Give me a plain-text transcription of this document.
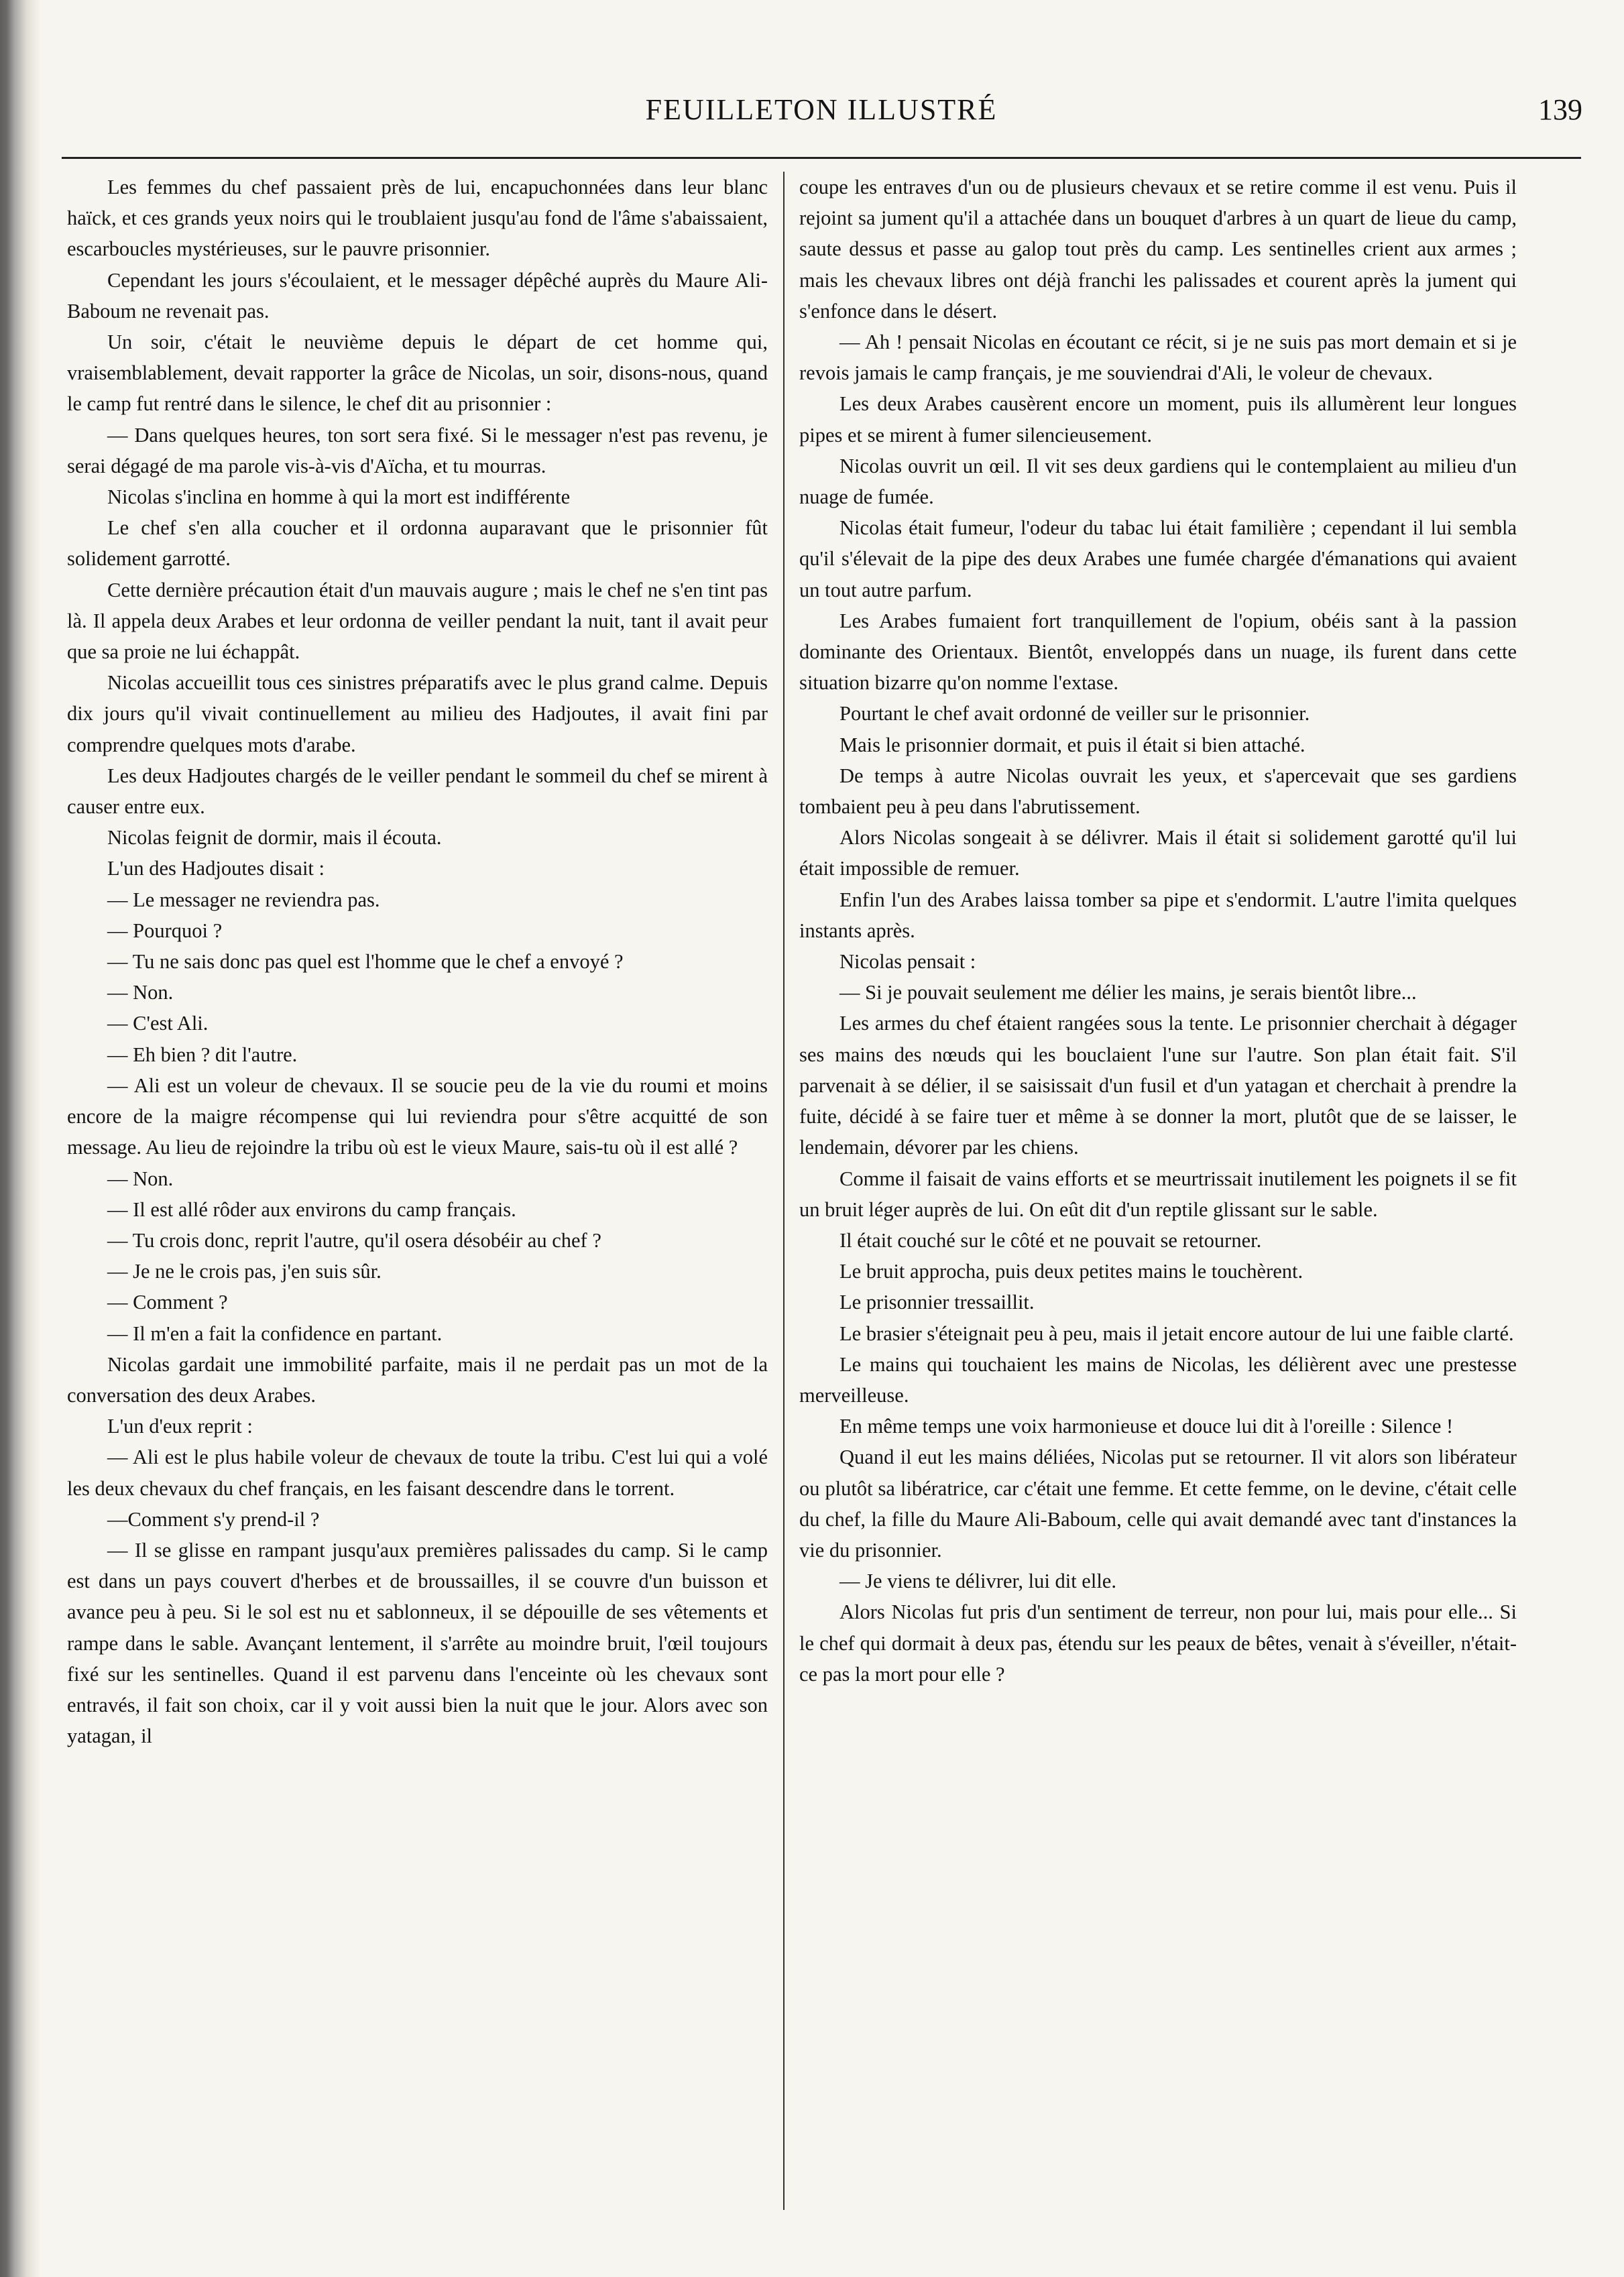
FEUILLETON ILLUSTRÉ	139

Les femmes du chef passaient près de lui, encapuchonnées dans leur blanc haïck, et ces grands yeux noirs qui le troublaient jusqu'au fond de l'âme s'abaissaient, escarboucles mystérieuses, sur le pauvre prisonnier.

Cependant les jours s'écoulaient, et le messager dépêché auprès du Maure Ali-Baboum ne revenait pas.

Un soir, c'était le neuvième depuis le départ de cet homme qui, vraisemblablement, devait rapporter la grâce de Nicolas, un soir, disons-nous, quand le camp fut rentré dans le silence, le chef dit au prisonnier :

— Dans quelques heures, ton sort sera fixé. Si le messager n'est pas revenu, je serai dégagé de ma parole vis-à-vis d'Aïcha, et tu mourras.

Nicolas s'inclina en homme à qui la mort est indifférente

Le chef s'en alla coucher et il ordonna auparavant que le prisonnier fût solidement garrotté.

Cette dernière précaution était d'un mauvais augure ; mais le chef ne s'en tint pas là. Il appela deux Arabes et leur ordonna de veiller pendant la nuit, tant il avait peur que sa proie ne lui échappât.

Nicolas accueillit tous ces sinistres préparatifs avec le plus grand calme. Depuis dix jours qu'il vivait continuellement au milieu des Hadjoutes, il avait fini par comprendre quelques mots d'arabe.

Les deux Hadjoutes chargés de le veiller pendant le sommeil du chef se mirent à causer entre eux.

Nicolas feignit de dormir, mais il écouta.

L'un des Hadjoutes disait :

— Le messager ne reviendra pas.

— Pourquoi ?

— Tu ne sais donc pas quel est l'homme que le chef a envoyé ?

— Non.

— C'est Ali.

— Eh bien ? dit l'autre.

— Ali est un voleur de chevaux. Il se soucie peu de la vie du roumi et moins encore de la maigre récompense qui lui reviendra pour s'être acquitté de son message. Au lieu de rejoindre la tribu où est le vieux Maure, sais-tu où il est allé ?

— Non.

— Il est allé rôder aux environs du camp français.

— Tu crois donc, reprit l'autre, qu'il osera désobéir au chef ?

— Je ne le crois pas, j'en suis sûr.

— Comment ?

— Il m'en a fait la confidence en partant.

Nicolas gardait une immobilité parfaite, mais il ne perdait pas un mot de la conversation des deux Arabes.

L'un d'eux reprit :

— Ali est le plus habile voleur de chevaux de toute la tribu. C'est lui qui a volé les deux chevaux du chef français, en les faisant descendre dans le torrent.

—Comment s'y prend-il ?

— Il se glisse en rampant jusqu'aux premières palissades du camp. Si le camp est dans un pays couvert d'herbes et de broussailles, il se couvre d'un buisson et avance peu à peu. Si le sol est nu et sablonneux, il se dépouille de ses vêtements et rampe dans le sable. Avançant lentement, il s'arrête au moindre bruit, l'œil toujours fixé sur les sentinelles. Quand il est parvenu dans l'enceinte où les chevaux sont entravés, il fait son choix, car il y voit aussi bien la nuit que le jour. Alors avec son yatagan, il

coupe les entraves d'un ou de plusieurs chevaux et se retire comme il est venu. Puis il rejoint sa jument qu'il a attachée dans un bouquet d'arbres à un quart de lieue du camp, saute dessus et passe au galop tout près du camp. Les sentinelles crient aux armes ; mais les chevaux libres ont déjà franchi les palissades et courent après la jument qui s'enfonce dans le désert.

— Ah ! pensait Nicolas en écoutant ce récit, si je ne suis pas mort demain et si je revois jamais le camp français, je me souviendrai d'Ali, le voleur de chevaux.

Les deux Arabes causèrent encore un moment, puis ils allumèrent leur longues pipes et se mirent à fumer silencieusement.

Nicolas ouvrit un œil. Il vit ses deux gardiens qui le contemplaient au milieu d'un nuage de fumée.

Nicolas était fumeur, l'odeur du tabac lui était familière ; cependant il lui sembla qu'il s'élevait de la pipe des deux Arabes une fumée chargée d'émanations qui avaient un tout autre parfum.

Les Arabes fumaient fort tranquillement de l'opium, obéis sant à la passion dominante des Orientaux. Bientôt, enveloppés dans un nuage, ils furent dans cette situation bizarre qu'on nomme l'extase.

Pourtant le chef avait ordonné de veiller sur le prisonnier.

Mais le prisonnier dormait, et puis il était si bien attaché.

De temps à autre Nicolas ouvrait les yeux, et s'apercevait que ses gardiens tombaient peu à peu dans l'abrutissement.

Alors Nicolas songeait à se délivrer. Mais il était si solidement garotté qu'il lui était impossible de remuer.

Enfin l'un des Arabes laissa tomber sa pipe et s'endormit. L'autre l'imita quelques instants après.

Nicolas pensait :

— Si je pouvait seulement me délier les mains, je serais bientôt libre...

Les armes du chef étaient rangées sous la tente. Le prisonnier cherchait à dégager ses mains des nœuds qui les bouclaient l'une sur l'autre. Son plan était fait. S'il parvenait à se délier, il se saisissait d'un fusil et d'un yatagan et cherchait à prendre la fuite, décidé à se faire tuer et même à se donner la mort, plutôt que de se laisser, le lendemain, dévorer par les chiens.

Comme il faisait de vains efforts et se meurtrissait inutilement les poignets il se fit un bruit léger auprès de lui. On eût dit d'un reptile glissant sur le sable.

Il était couché sur le côté et ne pouvait se retourner.

Le bruit approcha, puis deux petites mains le touchèrent.

Le prisonnier tressaillit.

Le brasier s'éteignait peu à peu, mais il jetait encore autour de lui une faible clarté.

Le mains qui touchaient les mains de Nicolas, les délièrent avec une prestesse merveilleuse.

En même temps une voix harmonieuse et douce lui dit à l'oreille : Silence !

Quand il eut les mains déliées, Nicolas put se retourner. Il vit alors son libérateur ou plutôt sa libératrice, car c'était une femme. Et cette femme, on le devine, c'était celle du chef, la fille du Maure Ali-Baboum, celle qui avait demandé avec tant d'instances la vie du prisonnier.

— Je viens te délivrer, lui dit elle.

Alors Nicolas fut pris d'un sentiment de terreur, non pour lui, mais pour elle... Si le chef qui dormait à deux pas, étendu sur les peaux de bêtes, venait à s'éveiller, n'était-ce pas la mort pour elle ?
